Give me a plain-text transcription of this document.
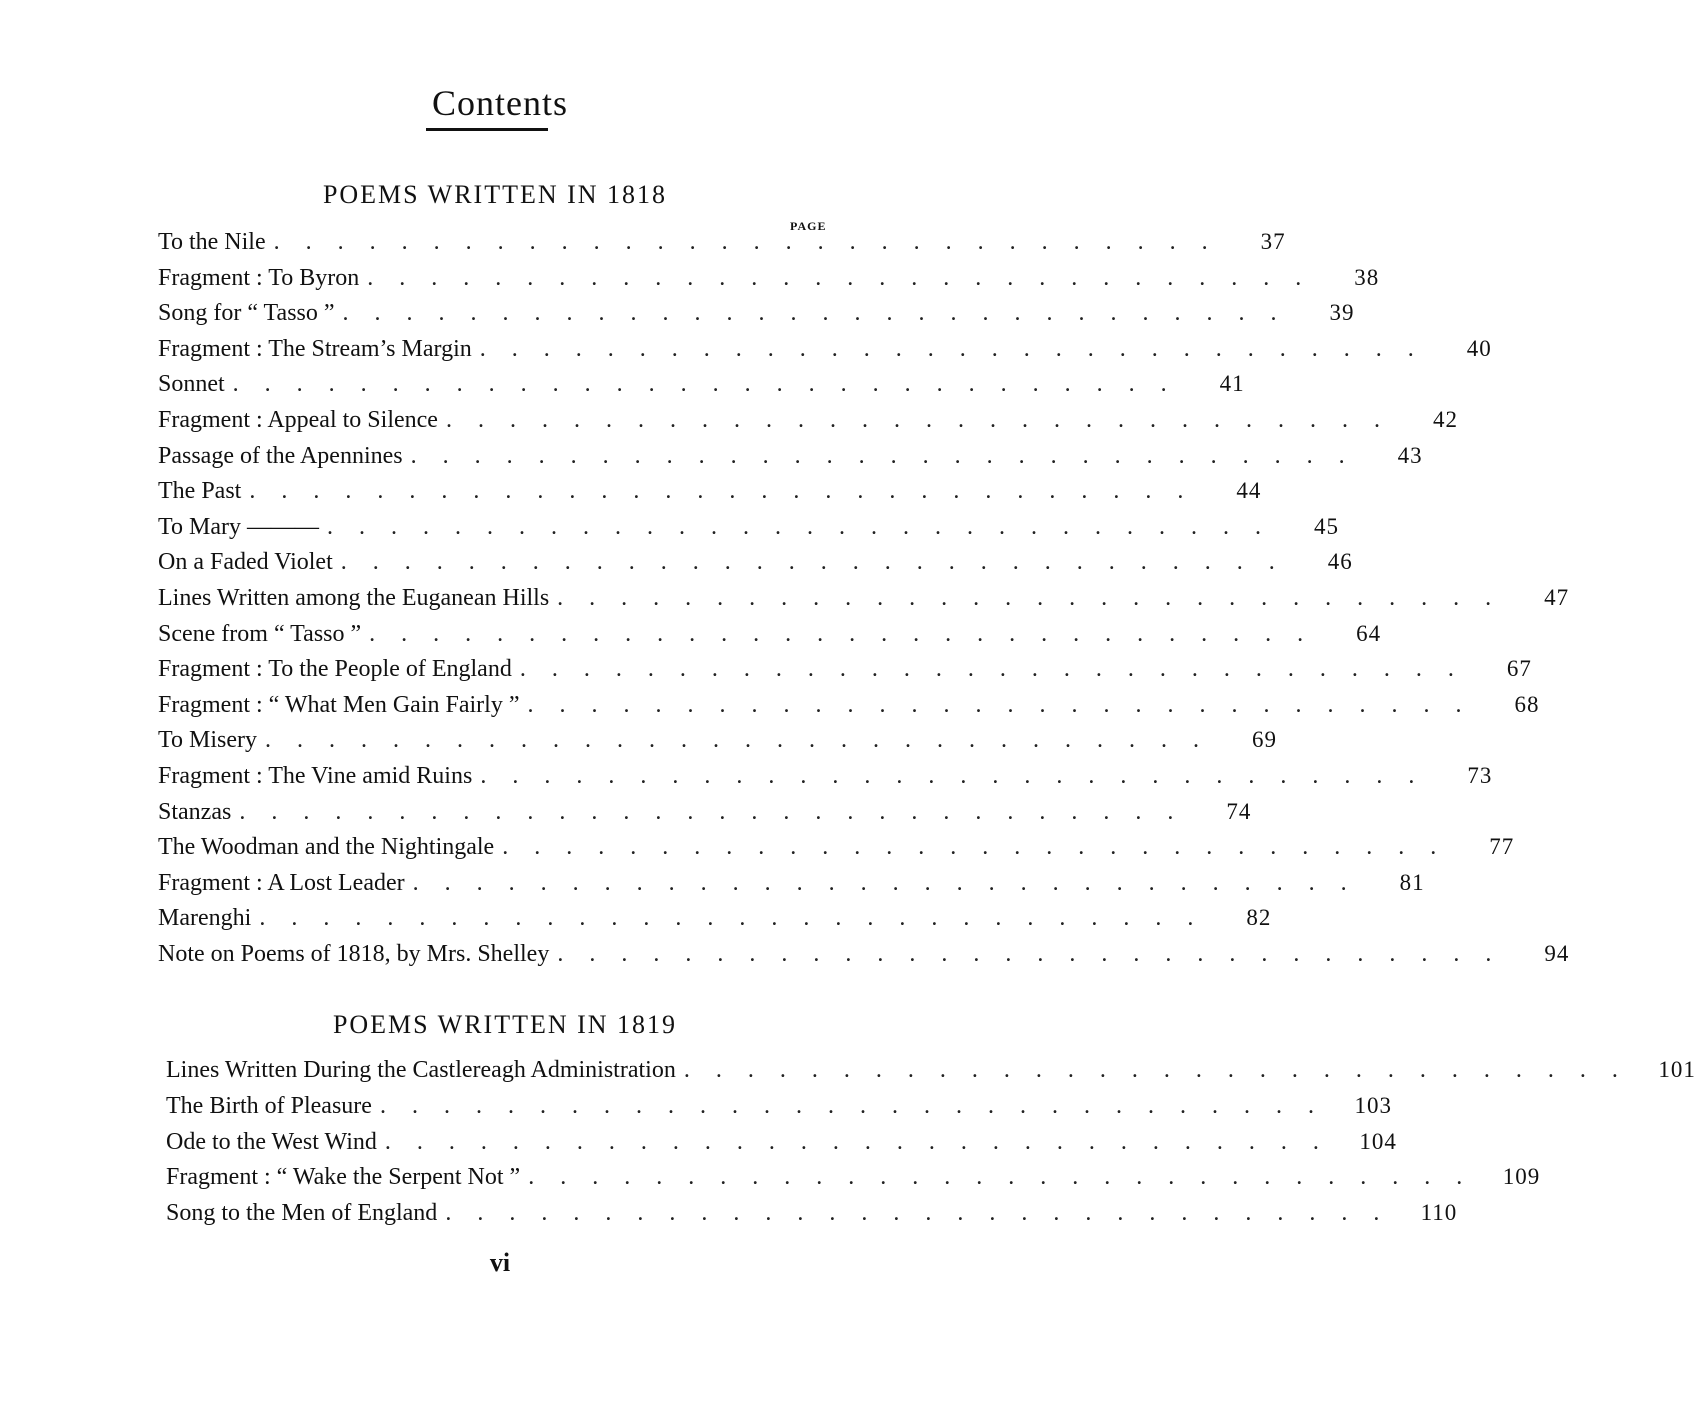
Contents
POEMS WRITTEN IN 1818
PAGE
To the Nile ..............................	37
Fragment : To Byron ..............................	38
Song for “ Tasso ” ..............................	39
Fragment : The Stream’s Margin ..............................	40
Sonnet ..............................	41
Fragment : Appeal to Silence ..............................	42
Passage of the Apennines ..............................	43
The Past ..............................	44
To Mary ——— ..............................	45
On a Faded Violet ..............................	46
Lines Written among the Euganean Hills ..............................	47
Scene from “ Tasso ” ..............................	64
Fragment : To the People of England ..............................	67
Fragment : “ What Men Gain Fairly ” ..............................	68
To Misery ..............................	69
Fragment : The Vine amid Ruins ..............................	73
Stanzas ..............................	74
The Woodman and the Nightingale ..............................	77
Fragment : A Lost Leader ..............................	81
Marenghi ..............................	82
Note on Poems of 1818, by Mrs. Shelley ..............................	94
POEMS WRITTEN IN 1819
Lines Written During the Castlereagh Administration .............................. 101
The Birth of Pleasure .............................. 103
Ode to the West Wind .............................. 104
Fragment : “ Wake the Serpent Not ” .............................. 109
Song to the Men of England .............................. 110
vi
